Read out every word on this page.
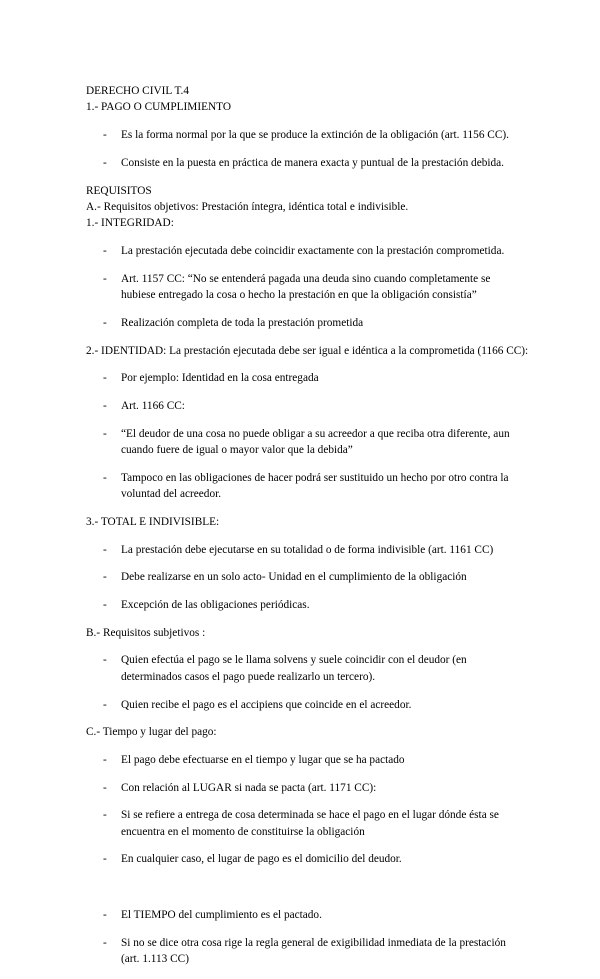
DERECHO CIVIL T.4

1.- PAGO O CUMPLIMIENTO

- Es la forma normal por la que se produce la extinción de la obligación (art. 1156 CC).

- Consiste en la puesta en práctica de manera exacta y puntual de la prestación debida.

REQUISITOS

A.- Requisitos objetivos: Prestación íntegra, idéntica total e indivisible.

1.- INTEGRIDAD:

- La prestación ejecutada debe coincidir exactamente con la prestación comprometida.

- Art. 1157 CC: “No se entenderá pagada una deuda sino cuando completamente se hubiese entregado la cosa o hecho la prestación en que la obligación consistía”

- Realización completa de toda la prestación prometida

2.- IDENTIDAD: La prestación ejecutada debe ser igual e idéntica a la comprometida (1166 CC):

- Por ejemplo: Identidad en la cosa entregada

- Art. 1166 CC:

- “El deudor de una cosa no puede obligar a su acreedor a que reciba otra diferente, aun cuando fuere de igual o mayor valor que la debida”

- Tampoco en las obligaciones de hacer podrá ser sustituido un hecho por otro contra la voluntad del acreedor.

3.- TOTAL E INDIVISIBLE:

- La prestación debe ejecutarse en su totalidad o de forma indivisible (art. 1161 CC)

- Debe realizarse en un solo acto- Unidad en el cumplimiento de la obligación

- Excepción de las obligaciones periódicas.

B.- Requisitos subjetivos :

- Quien efectúa el pago se le llama solvens y suele coincidir con el deudor (en determinados casos el pago puede realizarlo un tercero).

- Quien recibe el pago es el accipiens que coincide en el acreedor.

C.- Tiempo y lugar del pago:

- El pago debe efectuarse en el tiempo y lugar que se ha pactado

- Con relación al LUGAR si nada se pacta (art. 1171 CC):

- Si se refiere a entrega de cosa determinada se hace el pago en el lugar dónde ésta se encuentra en el momento de constituirse la obligación

- En cualquier caso, el lugar de pago es el domicilio del deudor.

- El TIEMPO del cumplimiento es el pactado.

- Si no se dice otra cosa rige la regla general de exigibilidad inmediata de la prestación (art. 1.113 CC)
